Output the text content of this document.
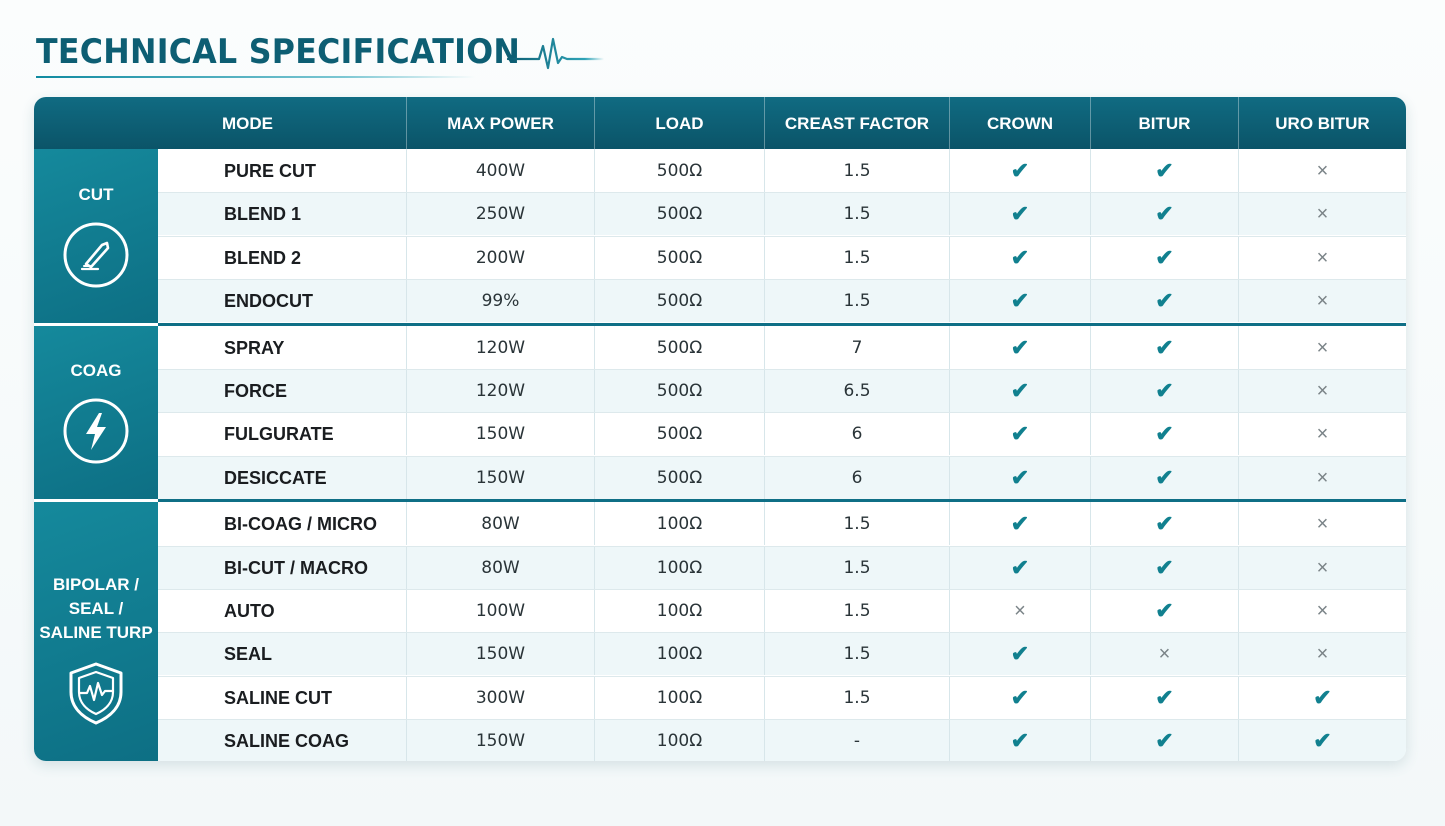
TECHNICAL SPECIFICATION
MODE	MAX POWER	LOAD	CREAST FACTOR	CROWN	BITUR	URO BITUR
PURE CUT	400W	500Ω	1.5	✔	✔	×
BLEND 1	250W	500Ω	1.5	✔	✔	×
BLEND 2	200W	500Ω	1.5	✔	✔	×
ENDOCUT	99%	500Ω	1.5	✔	✔	×
SPRAY	120W	500Ω	7	✔	✔	×
FORCE	120W	500Ω	6.5	✔	✔	×
FULGURATE	150W	500Ω	6	✔	✔	×
DESICCATE	150W	500Ω	6	✔	✔	×
BI-COAG / MICRO	80W	100Ω	1.5	✔	✔	×
BI-CUT / MACRO	80W	100Ω	1.5	✔	✔	×
AUTO	100W	100Ω	1.5	×	✔	×
SEAL	150W	100Ω	1.5	✔	×	×
SALINE CUT	300W	100Ω	1.5	✔	✔	✔
SALINE COAG	150W	100Ω	-	✔	✔	✔
CUT
COAG
BIPOLAR /
SEAL /
SALINE TURP
